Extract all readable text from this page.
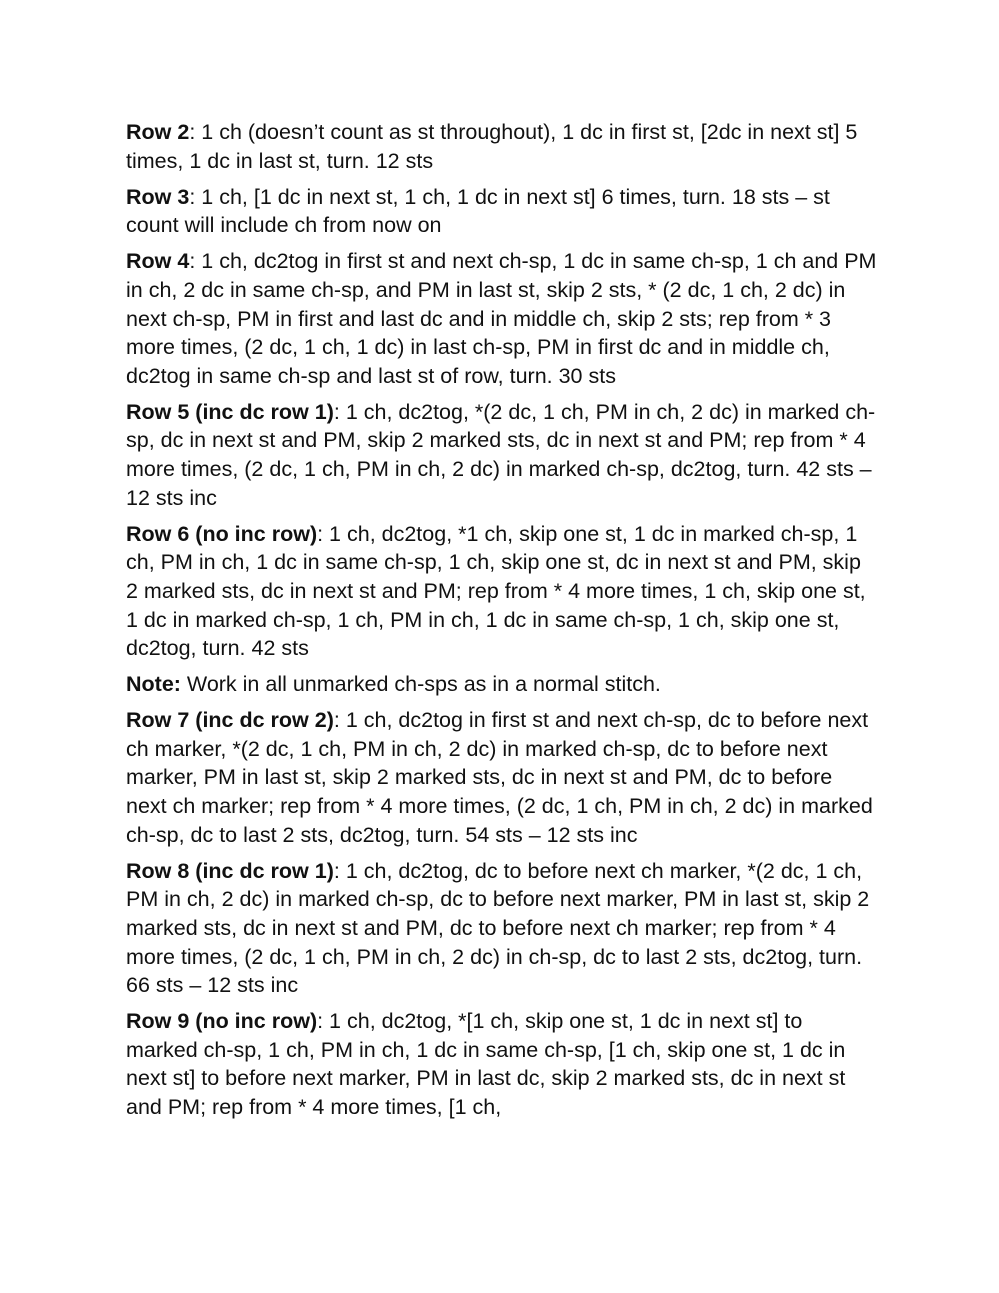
Row 2: 1 ch (doesn’t count as st throughout), 1 dc in first st, [2dc in next st] 5 times, 1 dc in last st, turn. 12 sts

Row 3: 1 ch, [1 dc in next st, 1 ch, 1 dc in next st] 6 times, turn. 18 sts – st count will include ch from now on

Row 4: 1 ch, dc2tog in first st and next ch-sp, 1 dc in same ch-sp, 1 ch and PM in ch, 2 dc in same ch-sp, and PM in last st, skip 2 sts, * (2 dc, 1 ch, 2 dc) in next ch-sp, PM in first and last dc and in middle ch, skip 2 sts; rep from * 3 more times, (2 dc, 1 ch, 1 dc) in last ch-sp, PM in first dc and in middle ch, dc2tog in same ch-sp and last st of row, turn. 30 sts

Row 5 (inc dc row 1): 1 ch, dc2tog, *(2 dc, 1 ch, PM in ch, 2 dc) in marked ch-sp, dc in next st and PM, skip 2 marked sts, dc in next st and PM; rep from * 4 more times, (2 dc, 1 ch, PM in ch, 2 dc) in marked ch-sp, dc2tog, turn. 42 sts – 12 sts inc

Row 6 (no inc row): 1 ch, dc2tog, *1 ch, skip one st, 1 dc in marked ch-sp, 1 ch, PM in ch, 1 dc in same ch-sp, 1 ch, skip one st, dc in next st and PM, skip 2 marked sts, dc in next st and PM; rep from * 4 more times, 1 ch, skip one st, 1 dc in marked ch-sp, 1 ch, PM in ch, 1 dc in same ch-sp, 1 ch, skip one st, dc2tog, turn. 42 sts

Note: Work in all unmarked ch-sps as in a normal stitch.

Row 7 (inc dc row 2): 1 ch, dc2tog in first st and next ch-sp, dc to before next ch marker, *(2 dc, 1 ch, PM in ch, 2 dc) in marked ch-sp, dc to before next marker, PM in last st, skip 2 marked sts, dc in next st and PM, dc to before next ch marker; rep from * 4 more times, (2 dc, 1 ch, PM in ch, 2 dc) in marked ch-sp, dc to last 2 sts, dc2tog, turn. 54 sts – 12 sts inc

Row 8 (inc dc row 1): 1 ch, dc2tog, dc to before next ch marker, *(2 dc, 1 ch, PM in ch, 2 dc) in marked ch-sp, dc to before next marker, PM in last st, skip 2 marked sts, dc in next st and PM, dc to before next ch marker; rep from * 4 more times, (2 dc, 1 ch, PM in ch, 2 dc) in ch-sp, dc to last 2 sts, dc2tog, turn. 66 sts – 12 sts inc

Row 9 (no inc row): 1 ch, dc2tog, *[1 ch, skip one st, 1 dc in next st] to marked ch-sp, 1 ch, PM in ch, 1 dc in same ch-sp, [1 ch, skip one st, 1 dc in next st] to before next marker, PM in last dc, skip 2 marked sts, dc in next st and PM; rep from * 4 more times, [1 ch,
